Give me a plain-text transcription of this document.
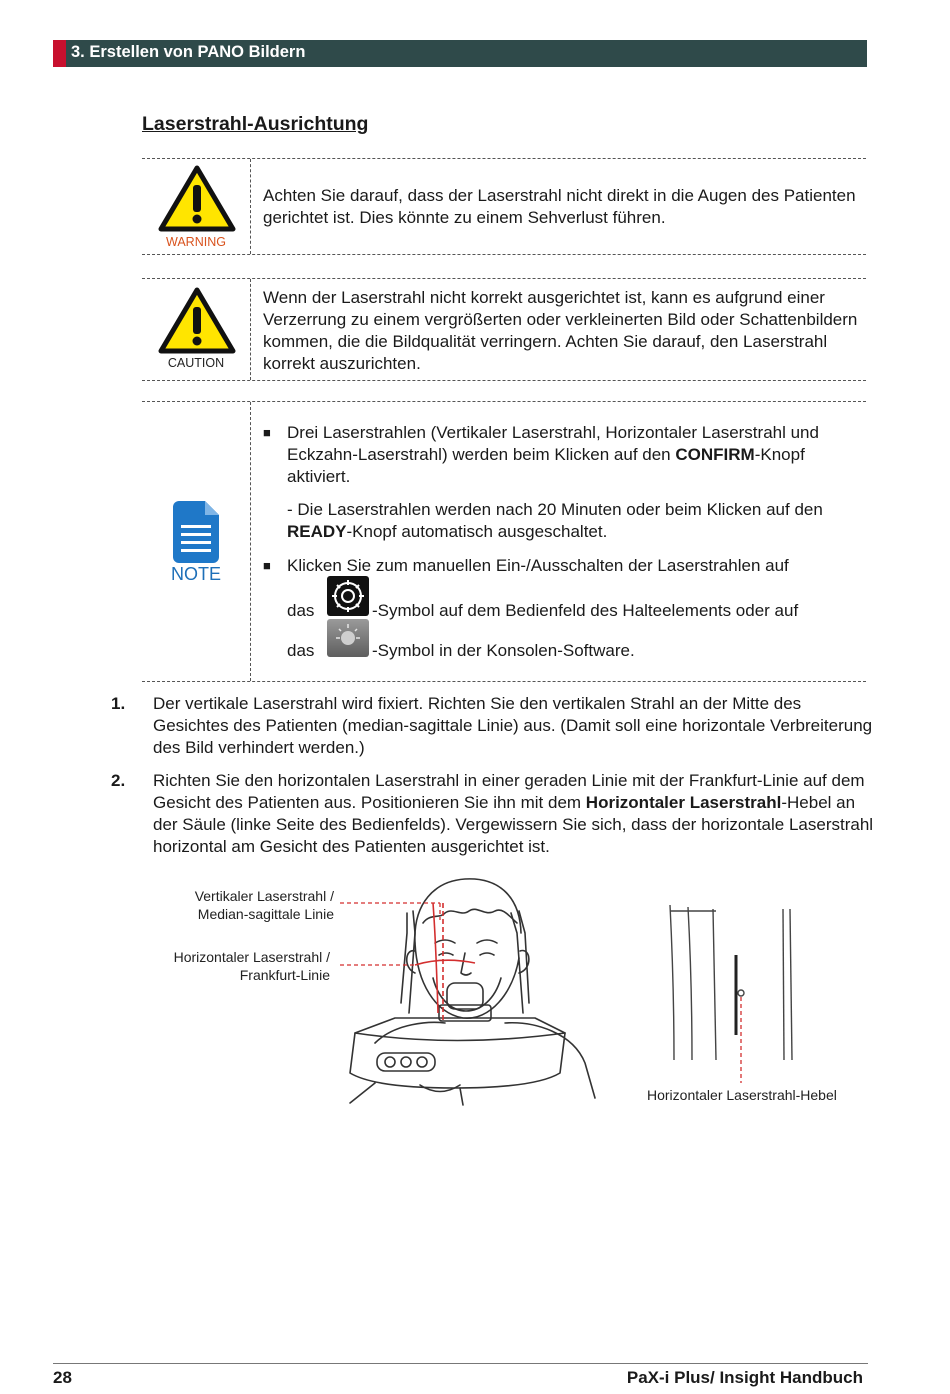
3. Erstellen von PANO Bildern
Laserstrahl-Ausrichtung
WARNING
Achten Sie darauf, dass der Laserstrahl nicht direkt in die Augen des Patienten gerichtet ist. Dies könnte zu einem Sehverlust führen.
CAUTION
Wenn der Laserstrahl nicht korrekt ausgerichtet ist, kann es aufgrund einer Verzerrung zu einem vergrößerten oder verkleinerten Bild oder Schattenbildern kommen, die die Bildqualität verringern. Achten Sie darauf, den Laserstrahl korrekt auszurichten.
NOTE
■ Drei Laserstrahlen (Vertikaler Laserstrahl, Horizontaler Laserstrahl und Eckzahn-Laserstrahl) werden beim Klicken auf den CONFIRM-Knopf aktiviert.
- Die Laserstrahlen werden nach 20 Minuten oder beim Klicken auf den READY-Knopf automatisch ausgeschaltet.
■ Klicken Sie zum manuellen Ein-/Ausschalten der Laserstrahlen auf
das	-Symbol auf dem Bedienfeld des Halteelements oder auf
das	-Symbol in der Konsolen-Software.
1. Der vertikale Laserstrahl wird fixiert. Richten Sie den vertikalen Strahl an der Mitte des Gesichtes des Patienten (median-sagittale Linie) aus. (Damit soll eine horizontale Verbreiterung des Bild verhindert werden.)
2. Richten Sie den horizontalen Laserstrahl in einer geraden Linie mit der Frankfurt-Linie auf dem Gesicht des Patienten aus. Positionieren Sie ihn mit dem Horizontaler Laserstrahl-Hebel an der Säule (linke Seite des Bedienfelds). Vergewissern Sie sich, dass der horizontale Laserstrahl horizontal am Gesicht des Patienten ausgerichtet ist.
Vertikaler Laserstrahl /
Median-sagittale Linie
Horizontaler Laserstrahl /
Frankfurt-Linie
Horizontaler Laserstrahl-Hebel
28	PaX-i Plus/ Insight Handbuch
